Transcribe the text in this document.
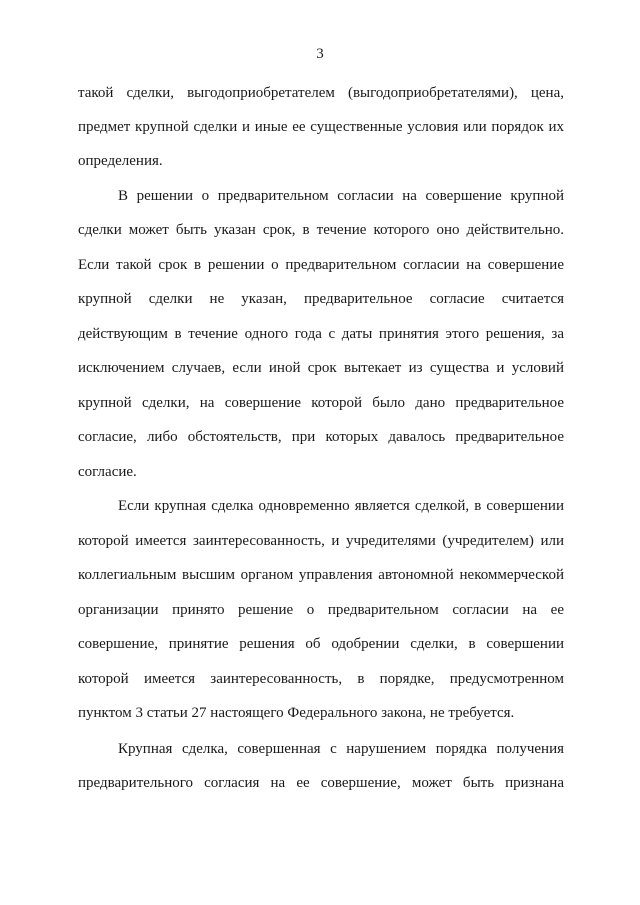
3
такой сделки, выгодоприобретателем (выгодоприобретателями), цена,
предмет крупной сделки и иные ее существенные условия или порядок их
определения.
В решении о предварительном согласии на совершение крупной
сделки может быть указан срок, в течение которого оно действительно.
Если такой срок в решении о предварительном согласии на совершение
крупной сделки не указан, предварительное согласие считается
действующим в течение одного года с даты принятия этого решения, за
исключением случаев, если иной срок вытекает из существа и условий
крупной сделки, на совершение которой было дано предварительное
согласие, либо обстоятельств, при которых давалось предварительное
согласие.
Если крупная сделка одновременно является сделкой, в совершении
которой имеется заинтересованность, и учредителями (учредителем) или
коллегиальным высшим органом управления автономной некоммерческой
организации принято решение о предварительном согласии на ее
совершение, принятие решения об одобрении сделки, в совершении
которой имеется заинтересованность, в порядке, предусмотренном
пунктом 3 статьи 27 настоящего Федерального закона, не требуется.
Крупная сделка, совершенная с нарушением порядка получения
предварительного согласия на ее совершение, может быть признана
